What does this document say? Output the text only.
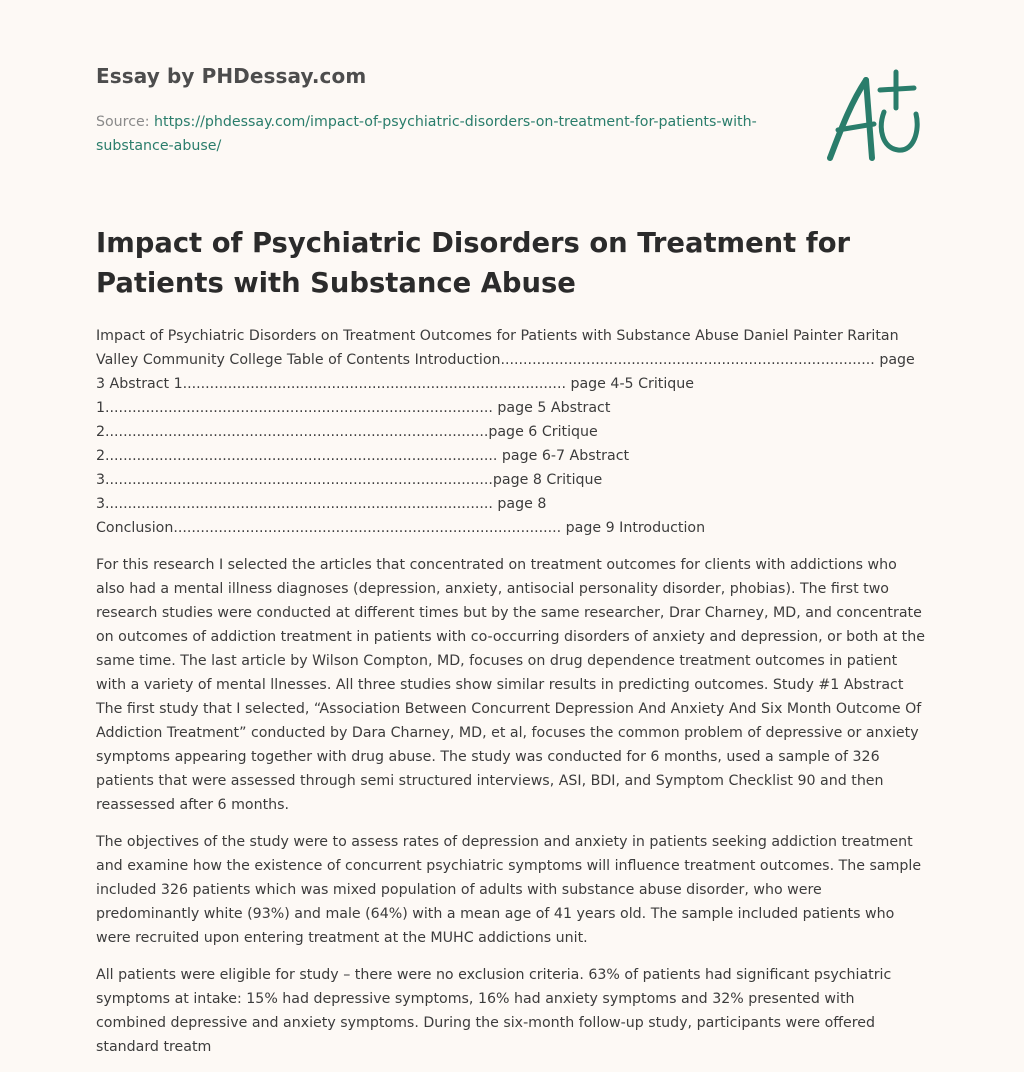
Essay by PHDessay.com
Source: https://phdessay.com/impact-of-psychiatric-disorders-on-treatment-for-patients-with-substance-abuse/
Impact of Psychiatric Disorders on Treatment for Patients with Substance Abuse

Impact of Psychiatric Disorders on Treatment Outcomes for Patients with Substance Abuse Daniel Painter Raritan Valley Community College Table of Contents Introduction................................................................................... page 3 Abstract 1..................................................................................... page 4-5 Critique 1...................................................................................... page 5 Abstract 2.....................................................................................page 6 Critique 2....................................................................................... page 6-7 Abstract 3......................................................................................page 8 Critique 3...................................................................................... page 8 Conclusion...................................................................................... page 9 Introduction

For this research I selected the articles that concentrated on treatment outcomes for clients with addictions who also had a mental illness diagnoses (depression, anxiety, antisocial personality disorder, phobias). The first two research studies were conducted at different times but by the same researcher, Drar Charney, MD, and concentrate on outcomes of addiction treatment in patients with co-occurring disorders of anxiety and depression, or both at the same time. The last article by Wilson Compton, MD, focuses on drug dependence treatment outcomes in patient with a variety of mental llnesses. All three studies show similar results in predicting outcomes. Study #1 Abstract The first study that I selected, “Association Between Concurrent Depression And Anxiety And Six Month Outcome Of Addiction Treatment” conducted by Dara Charney, MD, et al, focuses the common problem of depressive or anxiety symptoms appearing together with drug abuse. The study was conducted for 6 months, used a sample of 326 patients that were assessed through semi structured interviews, ASI, BDI, and Symptom Checklist 90 and then reassessed after 6 months.

The objectives of the study were to assess rates of depression and anxiety in patients seeking addiction treatment and examine how the existence of concurrent psychiatric symptoms will influence treatment outcomes. The sample included 326 patients which was mixed population of adults with substance abuse disorder, who were predominantly white (93%) and male (64%) with a mean age of 41 years old. The sample included patients who were recruited upon entering treatment at the MUHC addictions unit.

All patients were eligible for study – there were no exclusion criteria. 63% of patients had significant psychiatric symptoms at intake: 15% had depressive symptoms, 16% had anxiety symptoms and 32% presented with combined depressive and anxiety symptoms. During the six-month follow-up study, participants were offered standard treatm
